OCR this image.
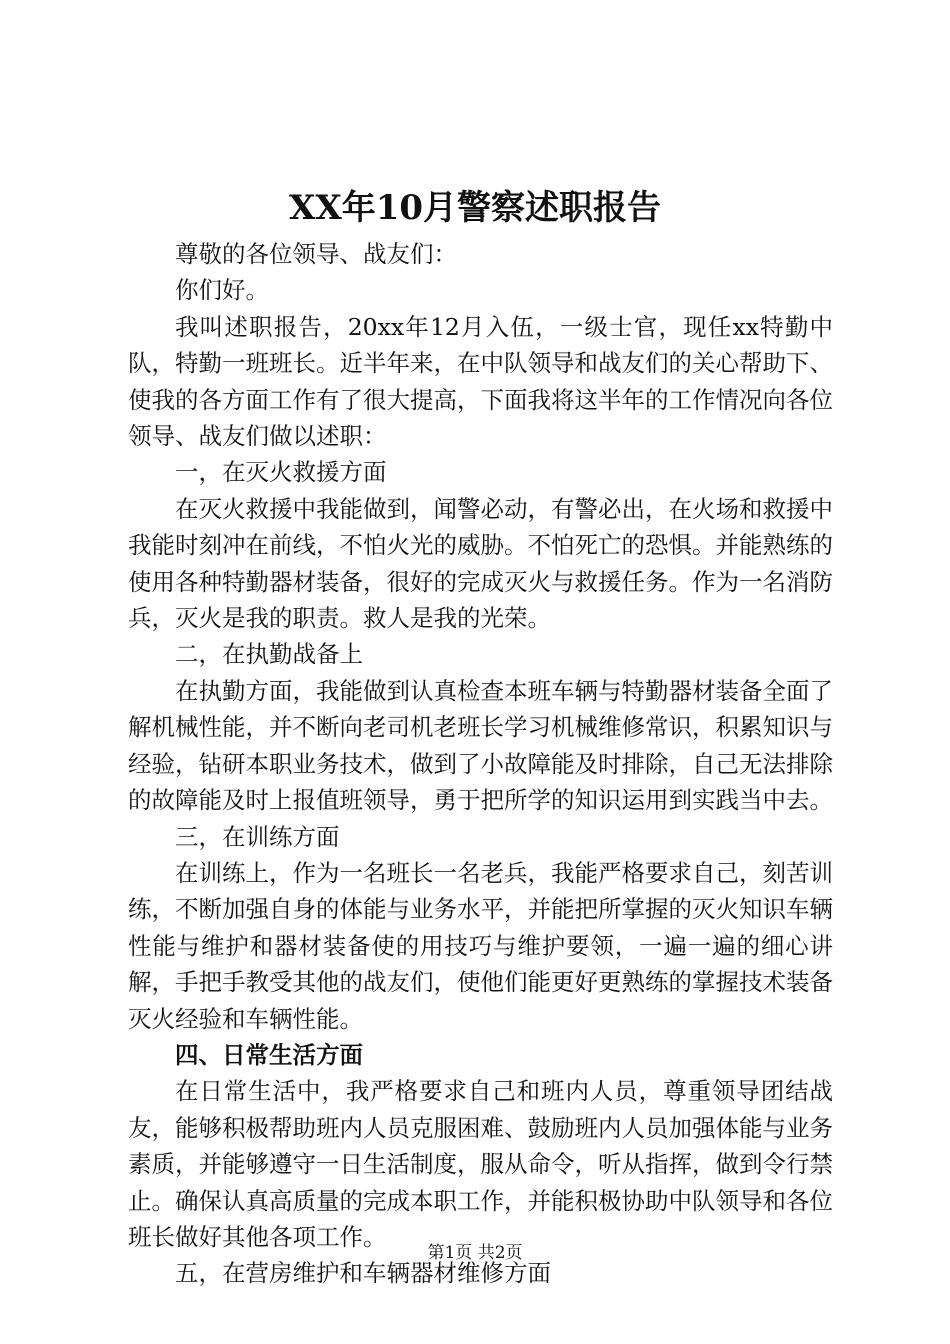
XX年10月警察述职报告

尊敬的各位领导、战友们：

你们好。

我叫述职报告，20xx年12月入伍，一级士官，现任xx特勤中队，特勤一班班长。近半年来，在中队领导和战友们的关心帮助下、使我的各方面工作有了很大提高，下面我将这半年的工作情况向各位领导、战友们做以述职：

一，在灭火救援方面

在灭火救援中我能做到，闻警必动，有警必出，在火场和救援中我能时刻冲在前线，不怕火光的威胁。不怕死亡的恐惧。并能熟练的使用各种特勤器材装备，很好的完成灭火与救援任务。作为一名消防兵，灭火是我的职责。救人是我的光荣。

二，在执勤战备上

在执勤方面，我能做到认真检查本班车辆与特勤器材装备全面了解机械性能，并不断向老司机老班长学习机械维修常识，积累知识与经验，钻研本职业务技术，做到了小故障能及时排除，自己无法排除的故障能及时上报值班领导，勇于把所学的知识运用到实践当中去。

三，在训练方面

在训练上，作为一名班长一名老兵，我能严格要求自己，刻苦训练，不断加强自身的体能与业务水平，并能把所掌握的灭火知识车辆性能与维护和器材装备使的用技巧与维护要领，一遍一遍的细心讲解，手把手教受其他的战友们，使他们能更好更熟练的掌握技术装备灭火经验和车辆性能。

四、日常生活方面

在日常生活中，我严格要求自己和班内人员，尊重领导团结战友，能够积极帮助班内人员克服困难、鼓励班内人员加强体能与业务素质，并能够遵守一日生活制度，服从命令，听从指挥，做到令行禁止。确保认真高质量的完成本职工作，并能积极协助中队领导和各位班长做好其他各项工作。

五，在营房维护和车辆器材维修方面

第1页 共2页
